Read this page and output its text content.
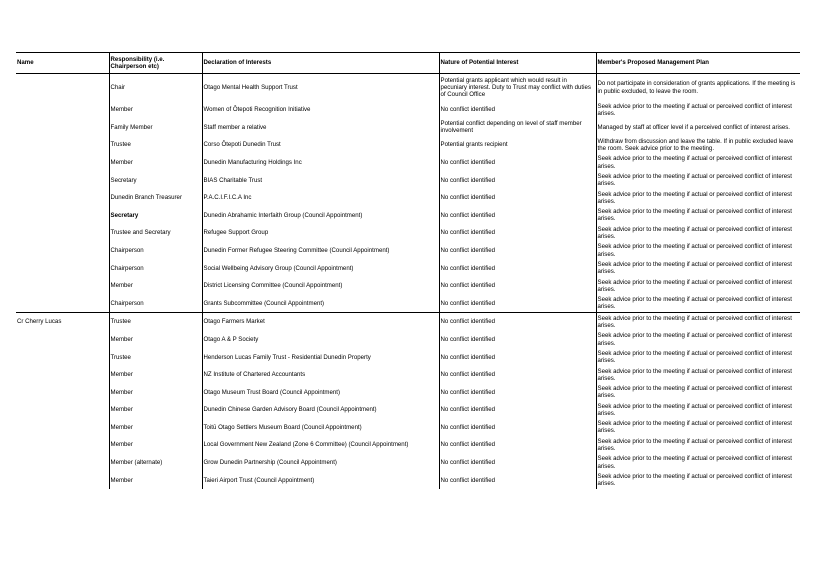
Name	Responsibility (i.e. Chairperson etc)	Declaration of Interests	Nature of Potential Interest	Member's Proposed Management Plan
	Chair	Otago Mental Health Support Trust	Potential grants applicant which would result in pecuniary interest. Duty to Trust may conflict with duties of Council Office	Do not participate in consideration of grants applications. If the meeting is in public excluded, to leave the room.
	Member	Women of Ōtepoti Recognition Initiative	No conflict identified	Seek advice prior to the meeting if actual or perceived conflict of interest arises.
	Family Member	Staff member a relative	Potential conflict depending on level of staff member involvement	Managed by staff at officer level if a perceived conflict of interest arises.
	Trustee	Corso Ōtepoti Dunedin Trust	Potential grants recipient	Withdraw from discussion and leave the table. If in public excluded leave the room. Seek advice prior to the meeting.
	Member	Dunedin Manufacturing Holdings Inc	No conflict identified	Seek advice prior to the meeting if actual or perceived conflict of interest arises.
	Secretary	BIAS Charitable Trust	No conflict identified	Seek advice prior to the meeting if actual or perceived conflict of interest arises.
	Dunedin Branch Treasurer	P.A.C.I.F.I.C.A Inc	No conflict identified	Seek advice prior to the meeting if actual or perceived conflict of interest arises.
	Secretary	Dunedin Abrahamic Interfaith Group (Council Appointment)	No conflict identified	Seek advice prior to the meeting if actual or perceived conflict of interest arises.
	Trustee and Secretary	Refugee Support Group	No conflict identified	Seek advice prior to the meeting if actual or perceived conflict of interest arises.
	Chairperson	Dunedin Former Refugee Steering Committee (Council Appointment)	No conflict identified	Seek advice prior to the meeting if actual or perceived conflict of interest arises.
	Chairperson	Social Wellbeing Advisory Group (Council Appointment)	No conflict identified	Seek advice prior to the meeting if actual or perceived conflict of interest arises.
	Member	District Licensing Committee (Council Appointment)	No conflict identified	Seek advice prior to the meeting if actual or perceived conflict of interest arises.
	Chairperson	Grants Subcommittee (Council Appointment)	No conflict identified	Seek advice prior to the meeting if actual or perceived conflict of interest arises.
Cr Cherry Lucas	Trustee	Otago Farmers Market	No conflict identified	Seek advice prior to the meeting if actual or perceived conflict of interest arises.
	Member	Otago A & P Society	No conflict identified	Seek advice prior to the meeting if actual or perceived conflict of interest arises.
	Trustee	Henderson Lucas Family Trust - Residential Dunedin Property	No conflict identified	Seek advice prior to the meeting if actual or perceived conflict of interest arises.
	Member	NZ Institute of Chartered Accountants	No conflict identified	Seek advice prior to the meeting if actual or perceived conflict of interest arises.
	Member	Otago Museum Trust Board (Council Appointment)	No conflict identified	Seek advice prior to the meeting if actual or perceived conflict of interest arises.
	Member	Dunedin Chinese Garden Advisory Board (Council Appointment)	No conflict identified	Seek advice prior to the meeting if actual or perceived conflict of interest arises.
	Member	Toitū Otago Settlers Museum Board (Council Appointment)	No conflict identified	Seek advice prior to the meeting if actual or perceived conflict of interest arises.
	Member	Local Government New Zealand (Zone 6 Committee) (Council Appointment)	No conflict identified	Seek advice prior to the meeting if actual or perceived conflict of interest arises.
	Member (alternate)	Grow Dunedin Partnership (Council Appointment)	No conflict identified	Seek advice prior to the meeting if actual or perceived conflict of interest arises.
	Member	Taieri Airport Trust (Council Appointment)	No conflict identified	Seek advice prior to the meeting if actual or perceived conflict of interest arises.
